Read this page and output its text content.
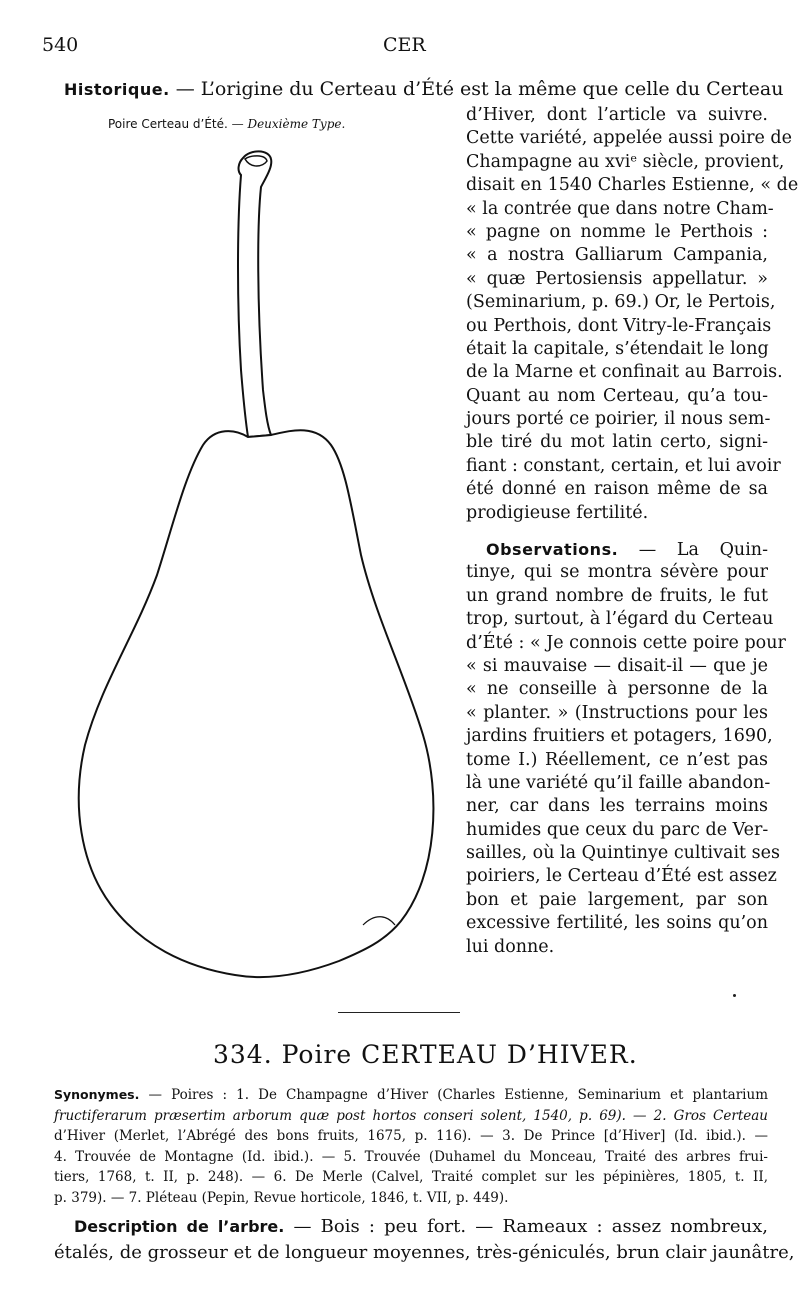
540	CER
Historique. — L’origine du Certeau d’Été est la même que celle du Certeau
Poire Certeau d’Été. — Deuxième Type.	d’Hiver, dont l’article va suivre.
Cette variété, appelée aussi poire de
Champagne au xviᵉ siècle, provient,
disait en 1540 Charles Estienne, « de
« la contrée que dans notre Cham-
« pagne on nomme le Perthois :
« a nostra Galliarum Campania,
« quæ Pertosiensis appellatur. »
(Seminarium, p. 69.) Or, le Pertois,
ou Perthois, dont Vitry-le-Français
était la capitale, s’étendait le long
de la Marne et confinait au Barrois.
Quant au nom Certeau, qu’a tou-
jours porté ce poirier, il nous sem-
ble tiré du mot latin certo, signi-
fiant : constant, certain, et lui avoir
été donné en raison même de sa
prodigieuse fertilité.
Observations. — La Quin-
tinye, qui se montra sévère pour
un grand nombre de fruits, le fut
trop, surtout, à l’égard du Certeau
d’Été : « Je connois cette poire pour
« si mauvaise — disait-il — que je
« ne conseille à personne de la
« planter. » (Instructions pour les
jardins fruitiers et potagers, 1690,
tome I.) Réellement, ce n’est pas
là une variété qu’il faille abandon-
ner, car dans les terrains moins
humides que ceux du parc de Ver-
sailles, où la Quintinye cultivait ses
poiriers, le Certeau d’Été est assez
bon et paie largement, par son
excessive fertilité, les soins qu’on
lui donne.
334. Poire CERTEAU D’HIVER.
Synonymes. — Poires : 1. De Champagne d’Hiver (Charles Estienne, Seminarium et plantarium
fructiferarum præsertim arborum quæ post hortos conseri solent, 1540, p. 69). — 2. Gros Certeau
d’Hiver (Merlet, l’Abrégé des bons fruits, 1675, p. 116). — 3. De Prince [d’Hiver] (Id. ibid.). —
4. Trouvée de Montagne (Id. ibid.). — 5. Trouvée (Duhamel du Monceau, Traité des arbres frui-
tiers, 1768, t. II, p. 248). — 6. De Merle (Calvel, Traité complet sur les pépinières, 1805, t. II,
p. 379). — 7. Pléteau (Pepin, Revue horticole, 1846, t. VII, p. 449).
Description de l’arbre. — Bois : peu fort. — Rameaux : assez nombreux,
étalés, de grosseur et de longueur moyennes, très-géniculés, brun clair jaunâtre,
